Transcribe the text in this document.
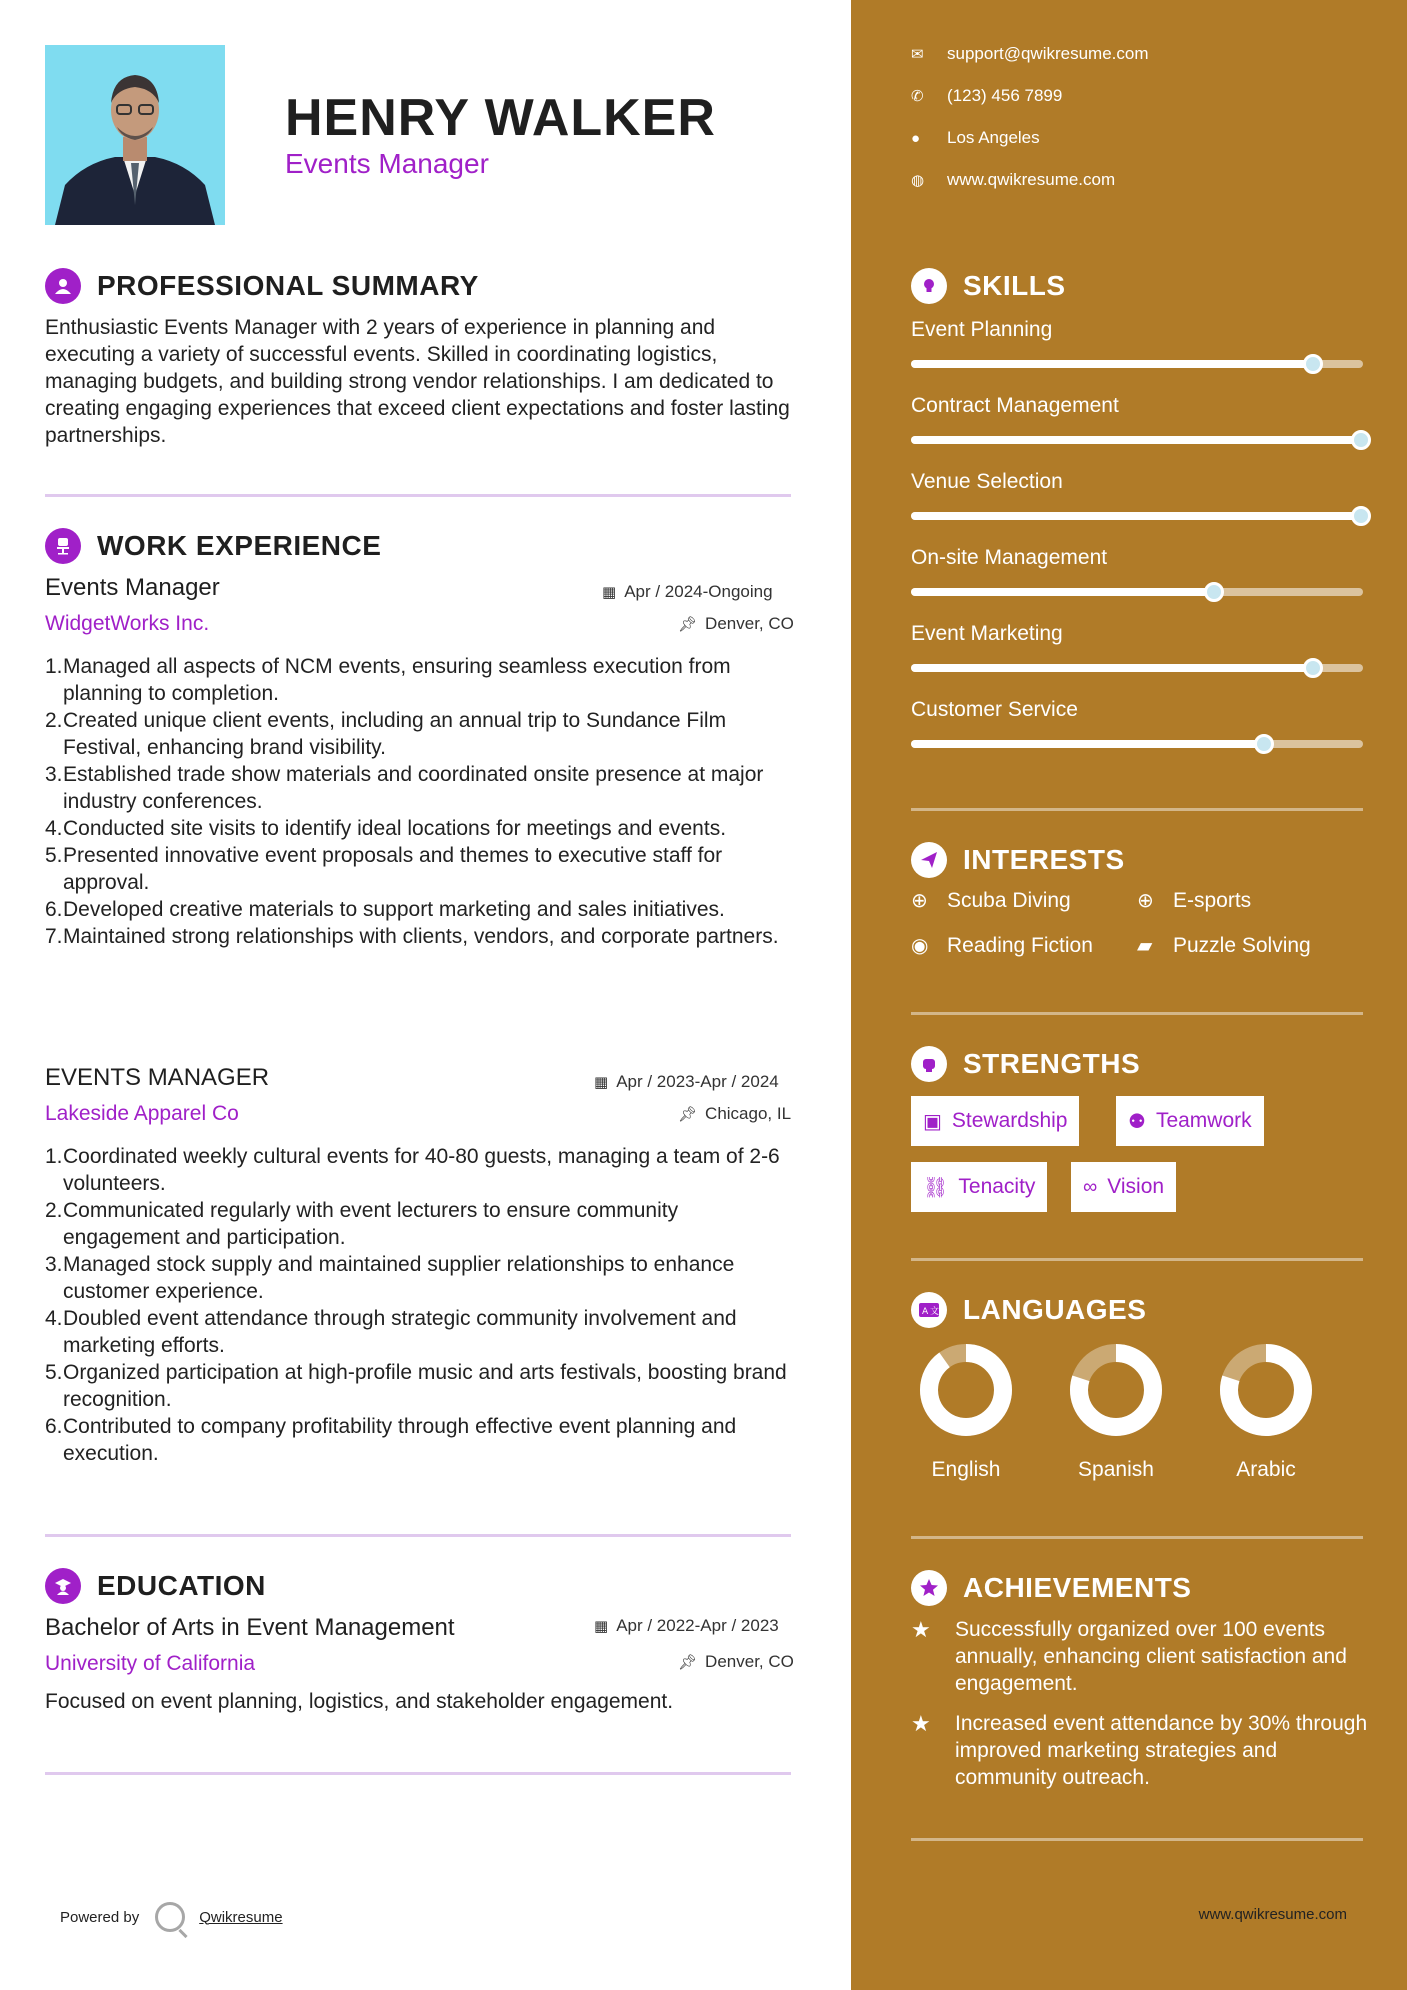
HENRY WALKER
Events Manager
PROFESSIONAL SUMMARY
Enthusiastic Events Manager with 2 years of experience in planning and executing a variety of successful events. Skilled in coordinating logistics, managing budgets, and building strong vendor relationships. I am dedicated to creating engaging experiences that exceed client expectations and foster lasting partnerships.
WORK EXPERIENCE
Events Manager	▦ Apr / 2024-Ongoing
WidgetWorks Inc.	📌︎ Denver, CO
1. Managed all aspects of NCM events, ensuring seamless execution from planning to completion.
2. Created unique client events, including an annual trip to Sundance Film Festival, enhancing brand visibility.
3. Established trade show materials and coordinated onsite presence at major industry conferences.
4. Conducted site visits to identify ideal locations for meetings and events.
5. Presented innovative event proposals and themes to executive staff for approval.
6. Developed creative materials to support marketing and sales initiatives.
7. Maintained strong relationships with clients, vendors, and corporate partners.
EVENTS MANAGER	▦ Apr / 2023-Apr / 2024
Lakeside Apparel Co	📌︎ Chicago, IL
1. Coordinated weekly cultural events for 40-80 guests, managing a team of 2-6 volunteers.
2. Communicated regularly with event lecturers to ensure community engagement and participation.
3. Managed stock supply and maintained supplier relationships to enhance customer experience.
4. Doubled event attendance through strategic community involvement and marketing efforts.
5. Organized participation at high-profile music and arts festivals, boosting brand recognition.
6. Contributed to company profitability through effective event planning and execution.
EDUCATION
Bachelor of Arts in Event Management	▦ Apr / 2022-Apr / 2023
University of California	📌︎ Denver, CO
Focused on event planning, logistics, and stakeholder engagement.
Powered by	Qwikresume
✉	support@qwikresume.com
✆	(123) 456 7899
●	Los Angeles
◍	www.qwikresume.com
SKILLS
Event Planning
Contract Management
Venue Selection
On-site Management
Event Marketing
Customer Service
INTERESTS
⊕ Scuba Diving	⊕ E-sports
◉ Reading Fiction ▰ Puzzle Solving
STRENGTHS
▣ Stewardship	⚉ Teamwork
⛓ Tenacity ∞ Vision
A 文 LANGUAGES
English	Spanish	Arabic
ACHIEVEMENTS
★	Successfully organized over 100 events annually, enhancing client satisfaction and engagement.
★	Increased event attendance by 30% through improved marketing strategies and community outreach.
www.qwikresume.com
